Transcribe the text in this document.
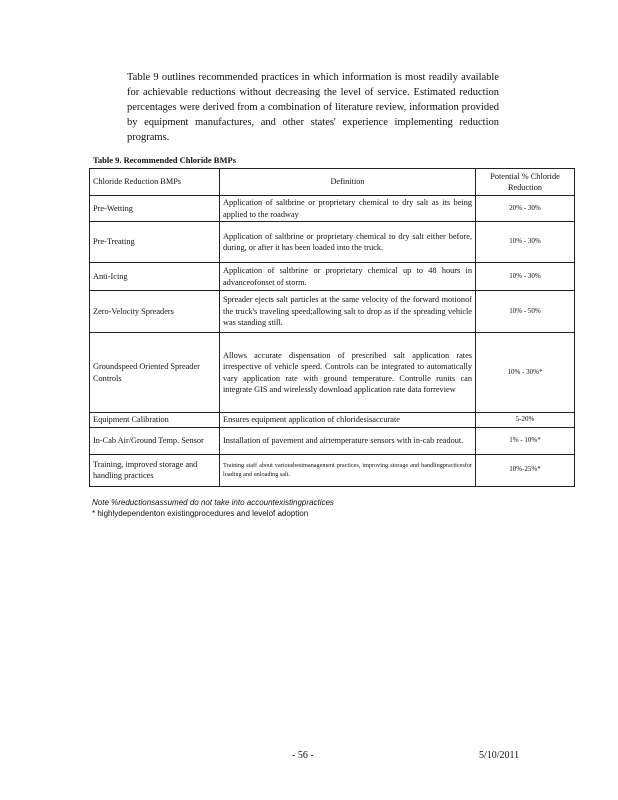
Table 9 outlines recommended practices in which information is most readily available for achievable reductions without decreasing the level of service. Estimated reduction percentages were derived from a combination of literature review, information provided by equipment manufactures, and other states' experience implementing reduction programs.
Table 9. Recommended Chloride BMPs
Chloride Reduction BMPs	Definition	Potential % Chloride Reduction
Pre-Wetting	Application of saltbrine or proprietary chemical to dry salt as its being applied to the roadway	20% - 30%
Pre-Treating	Application of saltbrine or proprietary chemical to dry salt either before, during, or after it has been loaded into the truck.	10% - 30%
Anti-Icing	Application of saltbrine or proprietary chemical up to 48 hours in advanceofonset of storm.	10% - 30%
Zero-Velocity Spreaders	Spreader ejects salt particles at the same velocity of the forward motionof the truck's traveling speed;allowing salt to drop as if the spreading vehicle was standing still.	10% - 50%
Groundspeed Oriented Spreader Controls	Allows accurate dispensation of prescribed salt application rates irrespective of vehicle speed. Controls can be integrated to automatically vary application rate with ground temperature. Controlle runits can integrate GIS and wirelessly download application rate data forreview	10% - 30%*
Equipment Calibration	Ensures equipment application of chloridesisaccurate	5-20%
In-Cab Air/Ground Temp. Sensor	Installation of pavement and airtemperature sensors with in-cab readout.	1% - 10%*
Training, improved storage and handling practices	Training staff about variousbestmanagement practices, improving storage and handlingpracticesfor loading and unloading salt.	10%-25%*
Note %reductionsassumed do not take into accountexistingpractices
* highlydependenton existingprocedures and levelof adoption
- 56 -	5/10/2011
